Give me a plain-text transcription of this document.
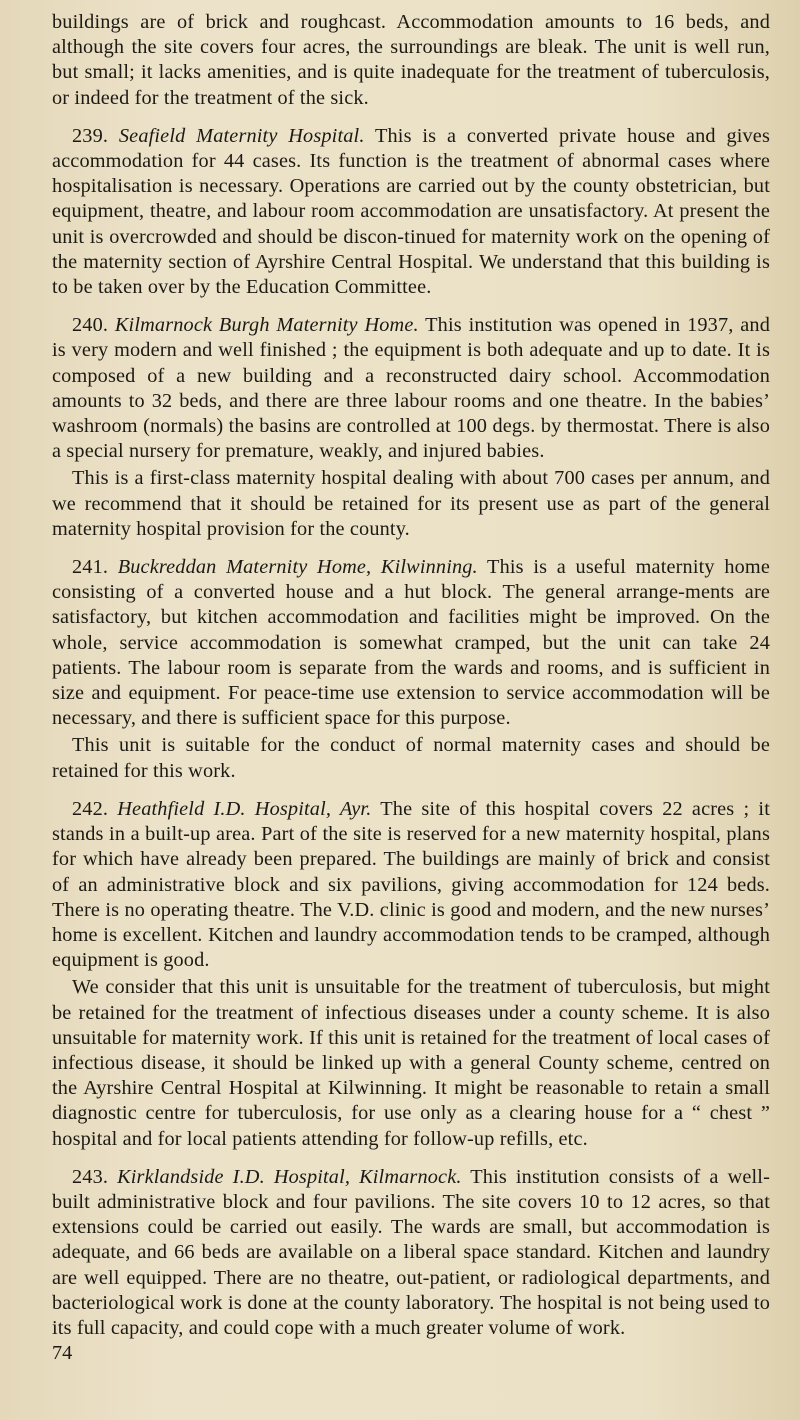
buildings are of brick and roughcast. Accommodation amounts to 16 beds, and although the site covers four acres, the surroundings are bleak. The unit is well run, but small; it lacks amenities, and is quite inadequate for the treatment of tuberculosis, or indeed for the treatment of the sick.

239. Seafield Maternity Hospital. This is a converted private house and gives accommodation for 44 cases. Its function is the treatment of abnormal cases where hospitalisation is necessary. Operations are carried out by the county obstetrician, but equipment, theatre, and labour room accommodation are unsatisfactory. At present the unit is overcrowded and should be discon-tinued for maternity work on the opening of the maternity section of Ayrshire Central Hospital. We understand that this building is to be taken over by the Education Committee.

240. Kilmarnock Burgh Maternity Home. This institution was opened in 1937, and is very modern and well finished ; the equipment is both adequate and up to date. It is composed of a new building and a reconstructed dairy school. Accommodation amounts to 32 beds, and there are three labour rooms and one theatre. In the babies’ washroom (normals) the basins are controlled at 100 degs. by thermostat. There is also a special nursery for premature, weakly, and injured babies.

This is a first-class maternity hospital dealing with about 700 cases per annum, and we recommend that it should be retained for its present use as part of the general maternity hospital provision for the county.

241. Buckreddan Maternity Home, Kilwinning. This is a useful maternity home consisting of a converted house and a hut block. The general arrange-ments are satisfactory, but kitchen accommodation and facilities might be improved. On the whole, service accommodation is somewhat cramped, but the unit can take 24 patients. The labour room is separate from the wards and rooms, and is sufficient in size and equipment. For peace-time use extension to service accommodation will be necessary, and there is sufficient space for this purpose.

This unit is suitable for the conduct of normal maternity cases and should be retained for this work.

242. Heathfield I.D. Hospital, Ayr. The site of this hospital covers 22 acres ; it stands in a built-up area. Part of the site is reserved for a new maternity hospital, plans for which have already been prepared. The buildings are mainly of brick and consist of an administrative block and six pavilions, giving accommodation for 124 beds. There is no operating theatre. The V.D. clinic is good and modern, and the new nurses’ home is excellent. Kitchen and laundry accommodation tends to be cramped, although equipment is good.

We consider that this unit is unsuitable for the treatment of tuberculosis, but might be retained for the treatment of infectious diseases under a county scheme. It is also unsuitable for maternity work. If this unit is retained for the treatment of local cases of infectious disease, it should be linked up with a general County scheme, centred on the Ayrshire Central Hospital at Kilwinning. It might be reasonable to retain a small diagnostic centre for tuberculosis, for use only as a clearing house for a “ chest ” hospital and for local patients attending for follow-up refills, etc.

243. Kirklandside I.D. Hospital, Kilmarnock. This institution consists of a well-built administrative block and four pavilions. The site covers 10 to 12 acres, so that extensions could be carried out easily. The wards are small, but accommodation is adequate, and 66 beds are available on a liberal space standard. Kitchen and laundry are well equipped. There are no theatre, out-patient, or radiological departments, and bacteriological work is done at the county laboratory. The hospital is not being used to its full capacity, and could cope with a much greater volume of work.

74
